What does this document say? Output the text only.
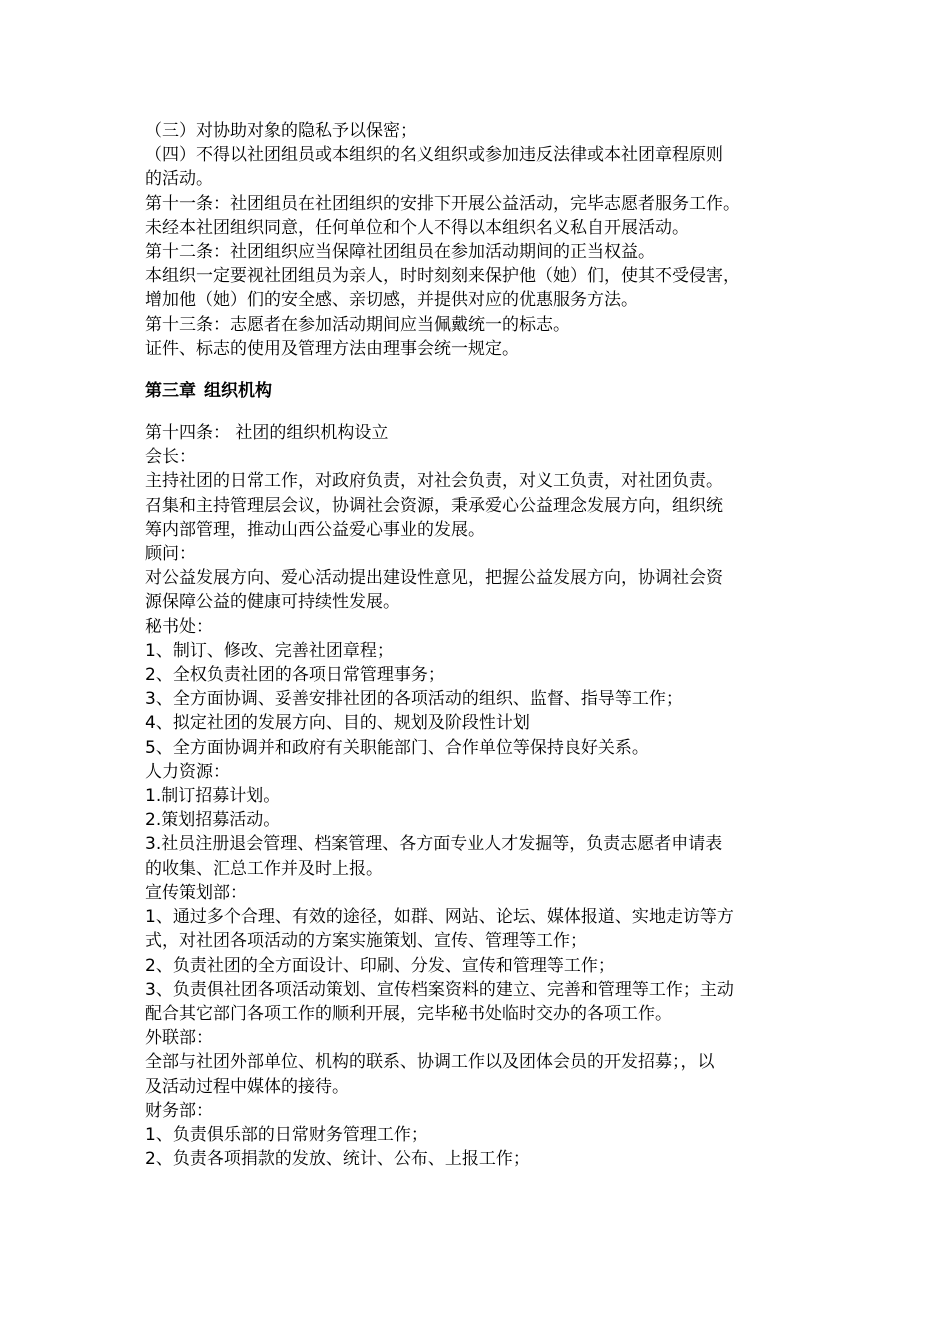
（三）对协助对象的隐私予以保密；
（四）不得以社团组员或本组织的名义组织或参加违反法律或本社团章程原则
的活动。
第十一条：社团组员在社团组织的安排下开展公益活动，完毕志愿者服务工作。
未经本社团组织同意，任何单位和个人不得以本组织名义私自开展活动。
第十二条：社团组织应当保障社团组员在参加活动期间的正当权益。
本组织一定要视社团组员为亲人，时时刻刻来保护他（她）们，使其不受侵害，
增加他（她）们的安全感、亲切感，并提供对应的优惠服务方法。
第十三条：志愿者在参加活动期间应当佩戴统一的标志。
证件、标志的使用及管理方法由理事会统一规定。
第三章 组织机构
第十四条： 社团的组织机构设立
会长：
主持社团的日常工作，对政府负责，对社会负责，对义工负责，对社团负责。
召集和主持管理层会议，协调社会资源，秉承爱心公益理念发展方向，组织统
筹内部管理，推动山西公益爱心事业的发展。
顾问：
对公益发展方向、爱心活动提出建设性意见，把握公益发展方向，协调社会资
源保障公益的健康可持续性发展。
秘书处：
1、制订、修改、完善社团章程；
2、全权负责社团的各项日常管理事务；
3、全方面协调、妥善安排社团的各项活动的组织、监督、指导等工作；
4、拟定社团的发展方向、目的、规划及阶段性计划
5、全方面协调并和政府有关职能部门、合作单位等保持良好关系。
人力资源：
1.制订招募计划。
2.策划招募活动。
3.社员注册退会管理、档案管理、各方面专业人才发掘等，负责志愿者申请表
的收集、汇总工作并及时上报。
宣传策划部：
1、通过多个合理、有效的途径，如群、网站、论坛、媒体报道、实地走访等方
式，对社团各项活动的方案实施策划、宣传、管理等工作；
2、负责社团的全方面设计、印刷、分发、宣传和管理等工作；
3、负责俱社团各项活动策划、宣传档案资料的建立、完善和管理等工作；主动
配合其它部门各项工作的顺利开展，完毕秘书处临时交办的各项工作。
外联部：
全部与社团外部单位、机构的联系、协调工作以及团体会员的开发招募；，以
及活动过程中媒体的接待。
财务部：
1、负责俱乐部的日常财务管理工作；
2、负责各项捐款的发放、统计、公布、上报工作；
